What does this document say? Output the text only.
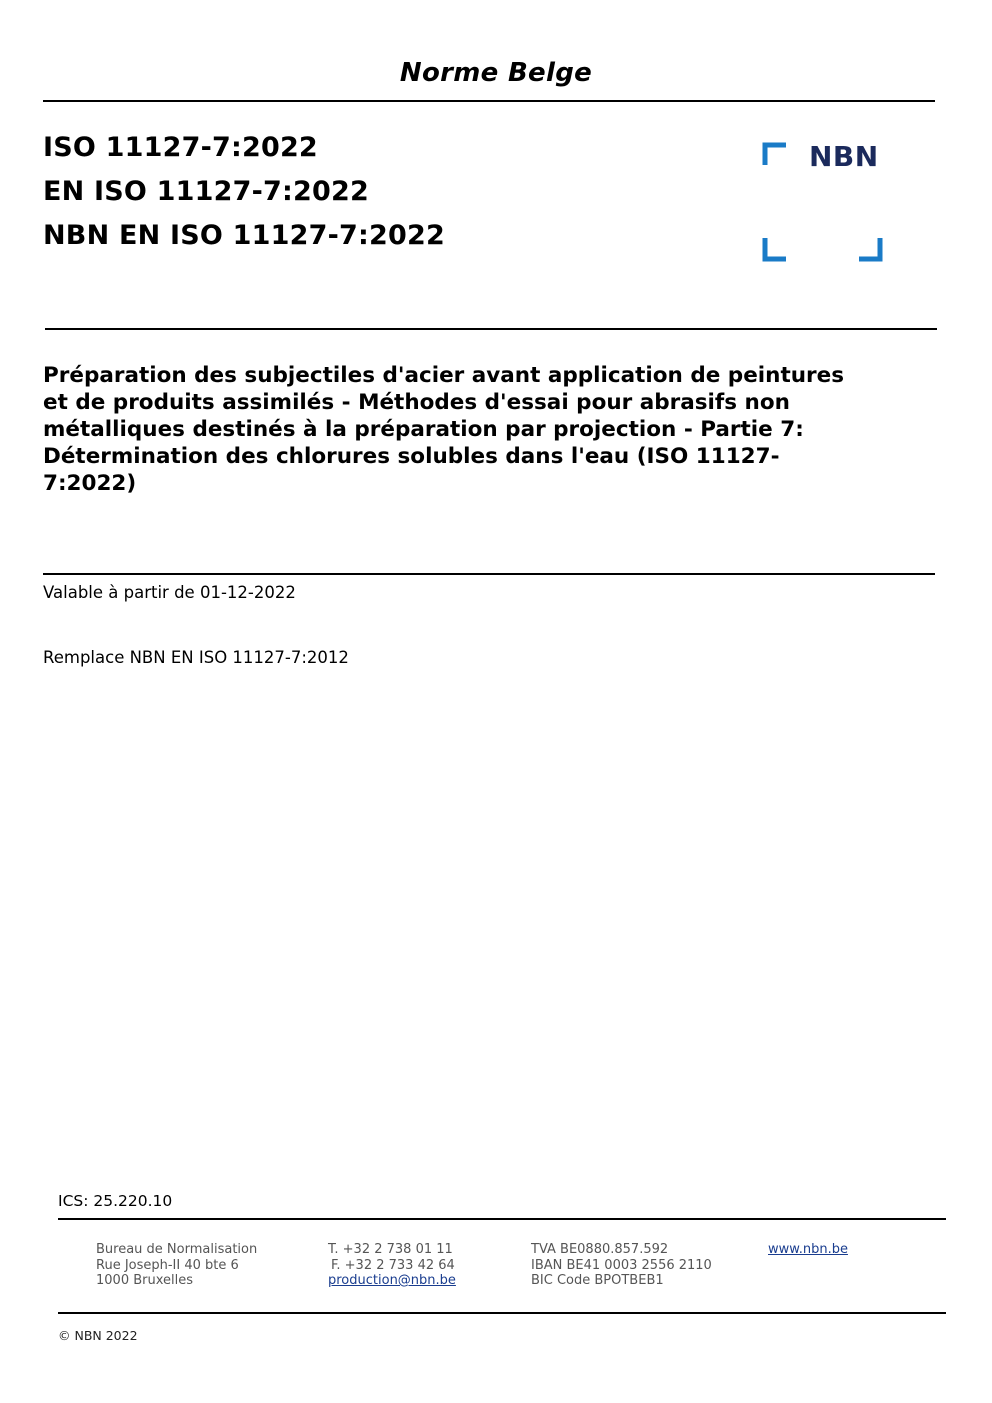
Norme Belge
ISO 11127-7:2022
EN ISO 11127-7:2022
NBN EN ISO 11127-7:2022
NBN
Préparation des subjectiles d'acier avant application de peintures et de produits assimilés - Méthodes d'essai pour abrasifs non métalliques destinés à la préparation par projection - Partie 7: Détermination des chlorures solubles dans l'eau (ISO 11127-7:2022)
Valable à partir de 01-12-2022
Remplace NBN EN ISO 11127-7:2012
ICS: 25.220.10
Bureau de Normalisation
Rue Joseph-II 40 bte 6
1000 Bruxelles
T. +32 2 738 01 11
F. +32 2 733 42 64
production@nbn.be
TVA BE0880.857.592
IBAN BE41 0003 2556 2110
BIC Code BPOTBEB1
www.nbn.be
© NBN 2022
